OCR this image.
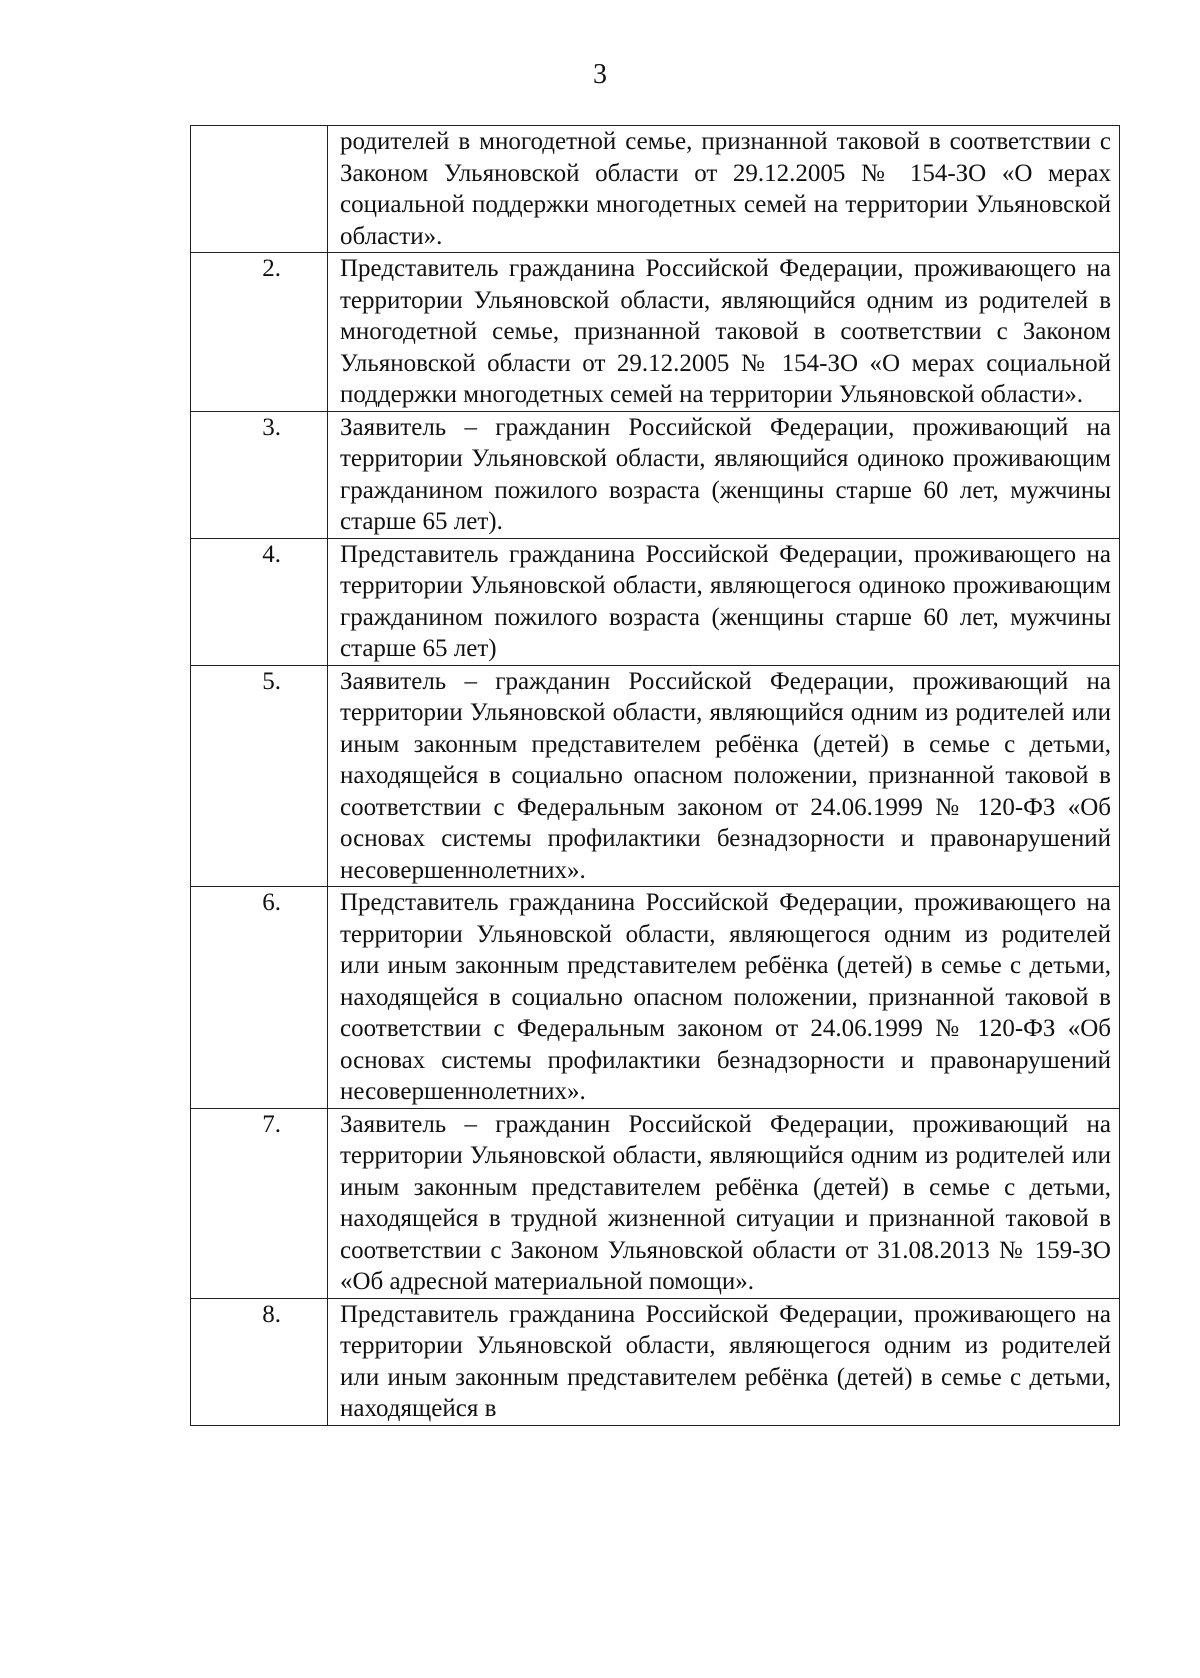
3
	родителей в многодетной семье, признанной таковой в соответствии с Законом Ульяновской области от 29.12.2005 № 154-ЗО «О мерах социальной поддержки многодетных семей на территории Ульяновской области».
2.	Представитель гражданина Российской Федерации, проживающего на территории Ульяновской области, являющийся одним из родителей в многодетной семье, признанной таковой в соответствии с Законом Ульяновской области от 29.12.2005 № 154-ЗО «О мерах социальной поддержки многодетных семей на территории Ульяновской области».
3.	Заявитель – гражданин Российской Федерации, проживающий на территории Ульяновской области, являющийся одиноко проживающим гражданином пожилого возраста (женщины старше 60 лет, мужчины старше 65 лет).
4.	Представитель гражданина Российской Федерации, проживающего на территории Ульяновской области, являющегося одиноко проживающим гражданином пожилого возраста (женщины старше 60 лет, мужчины старше 65 лет)
5.	Заявитель – гражданин Российской Федерации, проживающий на территории Ульяновской области, являющийся одним из родителей или иным законным представителем ребёнка (детей) в семье с детьми, находящейся в социально опасном положении, признанной таковой в соответствии с Федеральным законом от 24.06.1999 № 120-ФЗ «Об основах системы профилактики безнадзорности и правонарушений несовершеннолетних».
6.	Представитель гражданина Российской Федерации, проживающего на территории Ульяновской области, являющегося одним из родителей или иным законным представителем ребёнка (детей) в семье с детьми, находящейся в социально опасном положении, признанной таковой в соответствии с Федеральным законом от 24.06.1999 № 120-ФЗ «Об основах системы профилактики безнадзорности и правонарушений несовершеннолетних».
7.	Заявитель – гражданин Российской Федерации, проживающий на территории Ульяновской области, являющийся одним из родителей или иным законным представителем ребёнка (детей) в семье с детьми, находящейся в трудной жизненной ситуации и признанной таковой в соответствии с Законом Ульяновской области от 31.08.2013 № 159-ЗО «Об адресной материальной помощи».
8.	Представитель гражданина Российской Федерации, проживающего на территории Ульяновской области, являющегося одним из родителей или иным законным представителем ребёнка (детей) в семье с детьми, находящейся в
